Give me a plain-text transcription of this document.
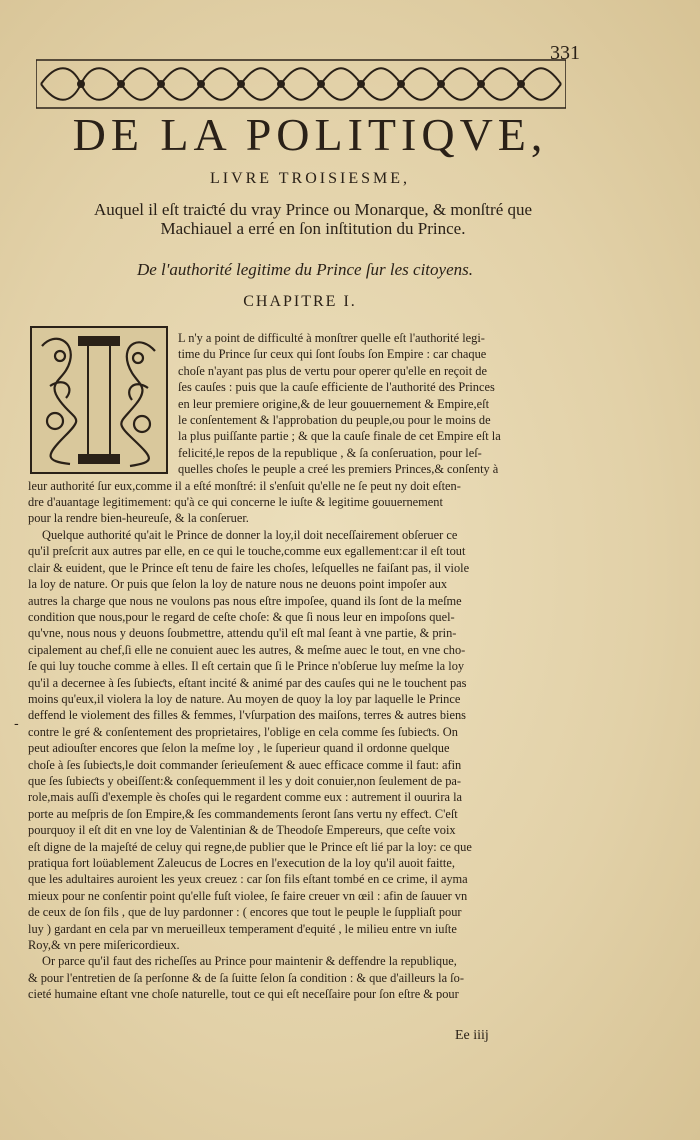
331
DE LA POLITIQVE,
LIVRE TROISIESME,
Auquel il eſt traiƈté du vray Prince ou Monarque, & monſtré que
Machiauel a erré en ſon inſtitution du Prince.
De l'authorité legitime du Prince ſur les citoyens.
CHAPITRE I.
L n'y a point de difficulté à monſtrer quelle eſt l'authorité legi-
time du Prince ſur ceux qui ſont ſoubs ſon Empire : car chaque
choſe n'ayant pas plus de vertu pour operer qu'elle en reçoit de
ſes cauſes : puis que la cauſe efficiente de l'authorité des Princes
en leur premiere origine,& de leur gouuernement & Empire,eſt
le conſentement & l'approbation du peuple,ou pour le moins de
la plus puiſſante partie ; & que la cauſe finale de cet Empire eſt la
felicité,le repos de la republique , & ſa conſeruation, pour leſ-
quelles choſes le peuple a creé les premiers Princes,& conſenty à
leur authorité ſur eux,comme il a eſté monſtré: il s'enſuit qu'elle ne ſe peut ny doit eſten-
dre d'auantage legitimement: qu'à ce qui concerne le iuſte & legitime gouuernement
pour la rendre bien-heureuſe, & la conſeruer.
Quelque authorité qu'ait le Prince de donner la loy,il doit neceſſairement obſeruer ce
qu'il preſcrit aux autres par elle, en ce qui le touche,comme eux egallement:car il eſt tout
clair & euident, que le Prince eſt tenu de faire les choſes, leſquelles ne faiſant pas, il viole
la loy de nature. Or puis que ſelon la loy de nature nous ne deuons point impoſer aux
autres la charge que nous ne voulons pas nous eſtre impoſee, quand ils ſont de la meſme
condition que nous,pour le regard de ceſte choſe: & que ſi nous leur en impoſons quel-
qu'vne, nous nous y deuons ſoubmettre, attendu qu'il eſt mal ſeant à vne partie, & prin-
cipalement au chef,ſi elle ne conuient auec les autres, & meſme auec le tout, en vne cho-
ſe qui luy touche comme à elles. Il eſt certain que ſi le Prince n'obſerue luy meſme la loy
qu'il a decernee à ſes ſubieƈts, eſtant incité & animé par des cauſes qui ne le touchent pas
moins qu'eux,il violera la loy de nature. Au moyen de quoy la loy par laquelle le Prince
deffend le violement des filles & femmes, l'vſurpation des maiſons, terres & autres biens
contre le gré & conſentement des proprietaires, l'oblige en cela comme ſes ſubieƈts. On
peut adiouſter encores que ſelon la meſme loy , le ſuperieur quand il ordonne quelque
choſe à ſes ſubieƈts,le doit commander ſerieuſement & auec efficace comme il faut: afin
que ſes ſubieƈts y obeiſſent:& conſequemment il les y doit conuier,non ſeulement de pa-
role,mais auſſi d'exemple ès choſes qui le regardent comme eux : autrement il ouurira la
porte au meſpris de ſon Empire,& ſes commandements ſeront ſans vertu ny effeƈt. C'eſt
pourquoy il eſt dit en vne loy de Valentinian & de Theodoſe Empereurs, que ceſte voix
eſt digne de la majeſté de celuy qui regne,de publier que le Prince eſt lié par la loy: ce que
pratiqua fort loüablement Zaleucus de Locres en l'execution de la loy qu'il auoit faitte,
que les adultaires auroient les yeux creuez : car ſon fils eſtant tombé en ce crime, il ayma
mieux pour ne conſentir point qu'elle fuſt violee, ſe faire creuer vn œil : afin de ſauuer vn
de ceux de ſon fils , que de luy pardonner : ( encores que tout le peuple le ſuppliaſt pour
luy ) gardant en cela par vn merueilleux temperament d'equité , le milieu entre vn iuſte
Roy,& vn pere miſericordieux.
Or parce qu'il faut des richeſſes au Prince pour maintenir & deffendre la republique,
& pour l'entretien de ſa perſonne & de ſa ſuitte ſelon ſa condition : & que d'ailleurs la ſo-
cieté humaine eſtant vne choſe naturelle, tout ce qui eſt neceſſaire pour ſon eſtre & pour
-
Ee iiij
